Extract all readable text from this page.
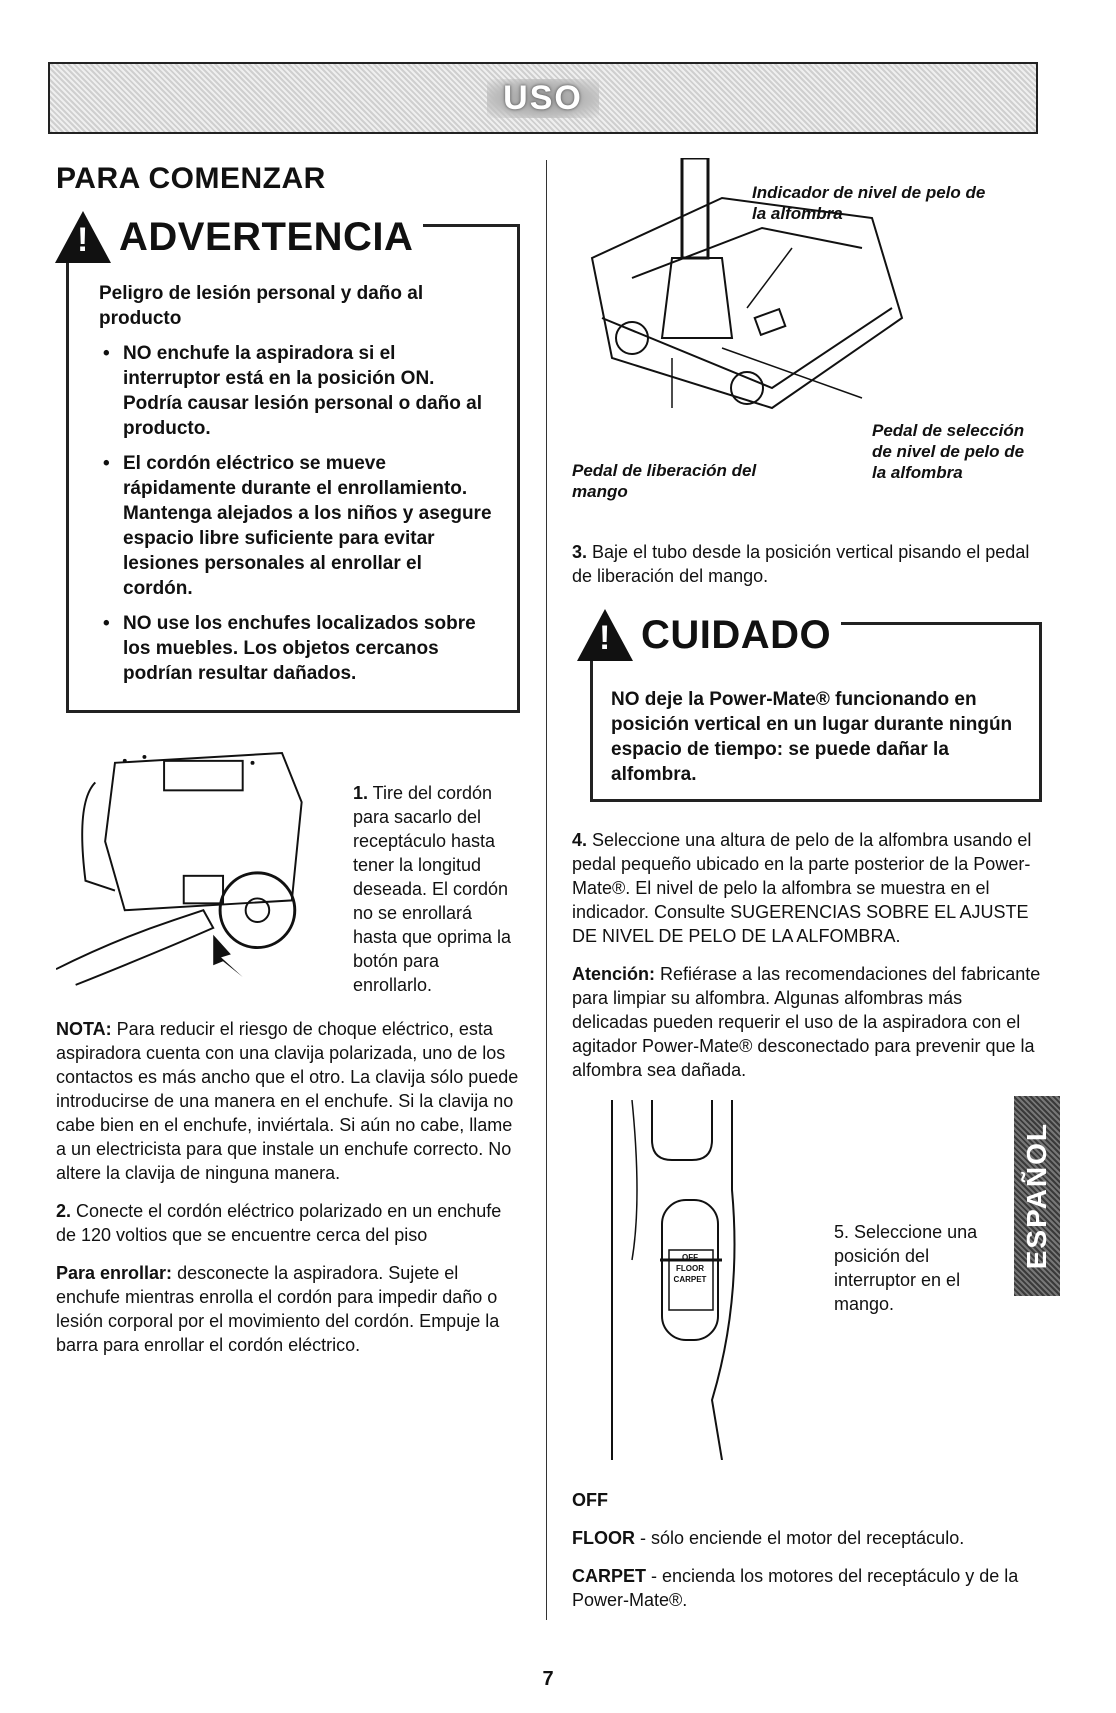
USO
PARA COMENZAR
!
ADVERTENCIA

Peligro de lesión personal y daño al producto

• NO enchufe la aspiradora si el interruptor está en la posición ON. Podría causar lesión personal o daño al producto.
• El cordón eléctrico se mueve rápidamente durante el enrollamiento. Mantenga alejados a los niños y asegure espacio libre suficiente para evitar lesiones personales al enrollar el cordón.
• NO use los enchufes localizados sobre los muebles. Los objetos cercanos podrían resultar dañados.
1. Tire del cordón para sacarlo del receptáculo hasta tener la longitud deseada. El cordón no se enrollará hasta que oprima la botón para enrollarlo.

NOTA: Para reducir el riesgo de choque eléctrico, esta aspiradora cuenta con una clavija polarizada, uno de los contactos es más ancho que el otro. La clavija sólo puede introducirse de una manera en el enchufe. Si la clavija no cabe bien en el enchufe, inviértala. Si aún no cabe, llame a un electricista para que instale un enchufe correcto. No altere la clavija de ninguna manera.

2. Conecte el cordón eléctrico polarizado en un enchufe de 120 voltios que se encuentre cerca del piso

Para enrollar: desconecte la aspiradora. Sujete el enchufe mientras enrolla el cordón para impedir daño o lesión corporal por el movimiento del cordón. Empuje la barra para enrollar el cordón eléctrico.

Indicador de nivel de pelo de la alfombra
Pedal de liberación del mango
Pedal de selección de nivel de pelo de la alfombra

3. Baje el tubo desde la posición vertical pisando el pedal de liberación del mango.

!
CUIDADO

NO deje la Power-Mate® funcionando en posición vertical en un lugar durante ningún espacio de tiempo: se puede dañar la alfombra.

4. Seleccione una altura de pelo de la alfombra usando el pedal pequeño ubicado en la parte posterior de la Power-Mate®. El nivel de pelo la alfombra se muestra en el indicador. Consulte SUGERENCIAS SOBRE EL AJUSTE DE NIVEL DE PELO DE LA ALFOMBRA.

Atención: Refiérase a las recomendaciones del fabricante para limpiar su alfombra. Algunas alfombras más delicadas pueden requerir el uso de la aspiradora con el agitador Power-Mate® desconectado para prevenir que la alfombra sea dañada.

OFF
FLOOR
CARPET
5. Seleccione una posición del interruptor en el mango.

OFF

FLOOR - sólo enciende el motor del receptáculo.

CARPET - encienda los motores del receptáculo y de la Power-Mate®.

ESPAÑOL
7
